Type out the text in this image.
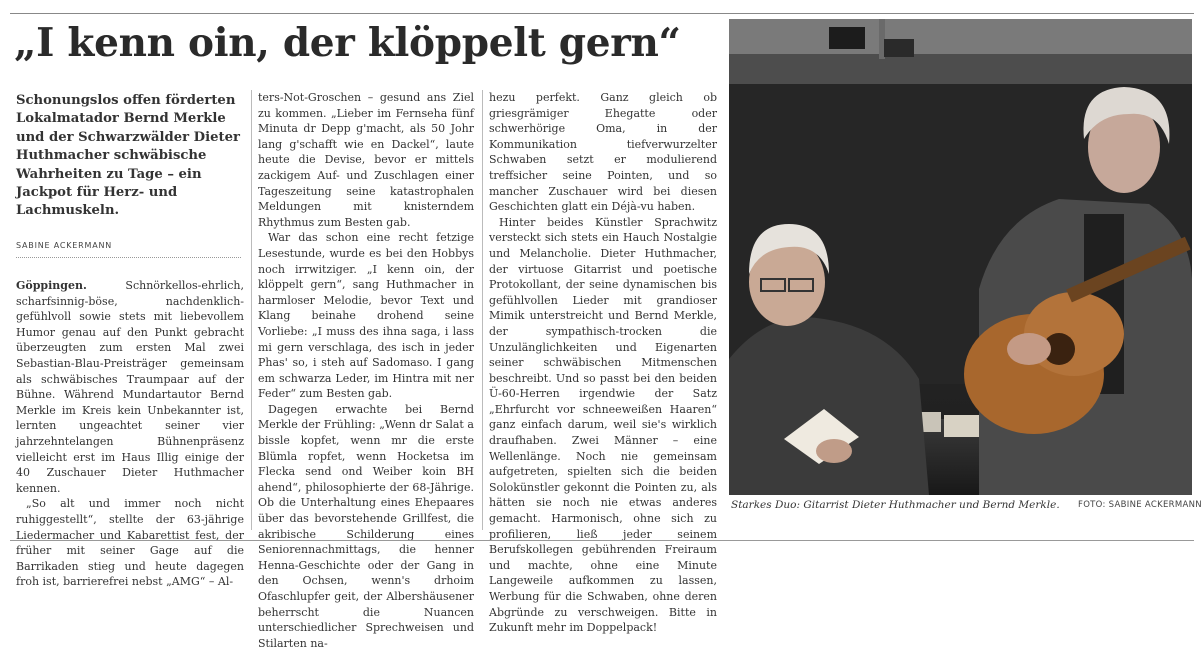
„I kenn oin, der klöppelt gern“

Schonungslos offen förderten Lokalmatador Bernd Merkle und der Schwarzwälder Dieter Huthmacher schwäbische Wahrheiten zu Tage – ein Jackpot für Herz- und Lachmuskeln.

SABINE ACKERMANN

Göppingen.	Schnörkellos-ehrlich, scharfsinnig-böse, nachdenklich-gefühlvoll sowie stets mit liebevollem Humor genau auf den Punkt gebracht überzeugten zum ersten Mal zwei Sebastian-Blau-Preisträger gemeinsam als schwäbisches Traumpaar auf der Bühne. Während Mundartautor Bernd Merkle im Kreis kein Unbekannter ist, lernten ungeachtet seiner vier jahrzehntelangen Bühnenpräsenz vielleicht erst im Haus Illig einige der 40 Zuschauer Dieter Huthmacher kennen.

„So alt und immer noch nicht ruhiggestellt“, stellte der 63-jährige Liedermacher und Kabarettist fest, der früher mit seiner Gage auf die Barrikaden stieg und heute dagegen froh ist, barrierefrei nebst „AMG“ – Al-

ters-Not-Groschen – gesund ans Ziel zu kommen. „Lieber im Fernseha fünf Minuta dr Depp g'macht, als 50 Johr lang g'schafft wie en Dackel“, laute heute die Devise, bevor er mittels zackigem Auf- und Zuschlagen einer Tageszeitung seine katastrophalen Meldungen mit knisterndem Rhythmus zum Besten gab.

War das schon eine recht fetzige Lesestunde, wurde es bei den Hobbys noch irrwitziger. „I kenn oin, der klöppelt gern“, sang Huthmacher in harmloser Melodie, bevor Text und Klang beinahe drohend seine Vorliebe: „I muss des ihna saga, i lass mi gern verschlaga, des isch in jeder Phas' so, i steh auf Sadomaso. I gang em schwarza Leder, im Hintra mit ner Feder“ zum Besten gab.

Dagegen erwachte bei Bernd Merkle der Frühling: „Wenn dr Salat a bissle kopfet, wenn mr die erste Blümla ropfet, wenn Hocketsa im Flecka send ond Weiber koin BH ahend“, philosophierte der 68-Jährige. Ob die Unterhaltung eines Ehepaares über das bevorstehende Grillfest, die akribische Schilderung eines Seniorennachmittags, die henner Henna-Geschichte oder der Gang in den Ochsen, wenn's drhoim Ofaschlupfer geit, der Albershäusener beherrscht die Nuancen unterschiedlicher Sprechweisen und Stilarten na-

hezu perfekt. Ganz gleich ob griesgrämiger Ehegatte oder schwerhörige Oma, in der Kommunikation tiefverwurzelter Schwaben setzt er modulierend treffsicher seine Pointen, und so mancher Zuschauer wird bei diesen Geschichten glatt ein Déjà-vu haben.

Hinter beides Künstler Sprachwitz versteckt sich stets ein Hauch Nostalgie und Melancholie. Dieter Huthmacher, der virtuose Gitarrist und poetische Protokollant, der seine dynamischen bis gefühlvollen Lieder mit grandioser Mimik unterstreicht und Bernd Merkle, der sympathisch-trocken die Unzulänglichkeiten und Eigenarten seiner schwäbischen Mitmenschen beschreibt. Und so passt bei den beiden Ü-60-Herren irgendwie der Satz „Ehrfurcht vor schneeweißen Haaren“ ganz einfach darum, weil sie's wirklich draufhaben. Zwei Männer – eine Wellenlänge. Noch nie gemeinsam aufgetreten, spielten sich die beiden Solokünstler gekonnt die Pointen zu, als hätten sie noch nie etwas anderes gemacht. Harmonisch, ohne sich zu profilieren, ließ jeder seinem Berufskollegen gebührenden Freiraum und machte, ohne eine Minute Langeweile aufkommen zu lassen, Werbung für die Schwaben, ohne deren Abgründe zu verschweigen. Bitte in Zukunft mehr im Doppelpack!

Starkes Duo: Gitarrist Dieter Huthmacher und Bernd Merkle. FOTO: SABINE ACKERMANN
